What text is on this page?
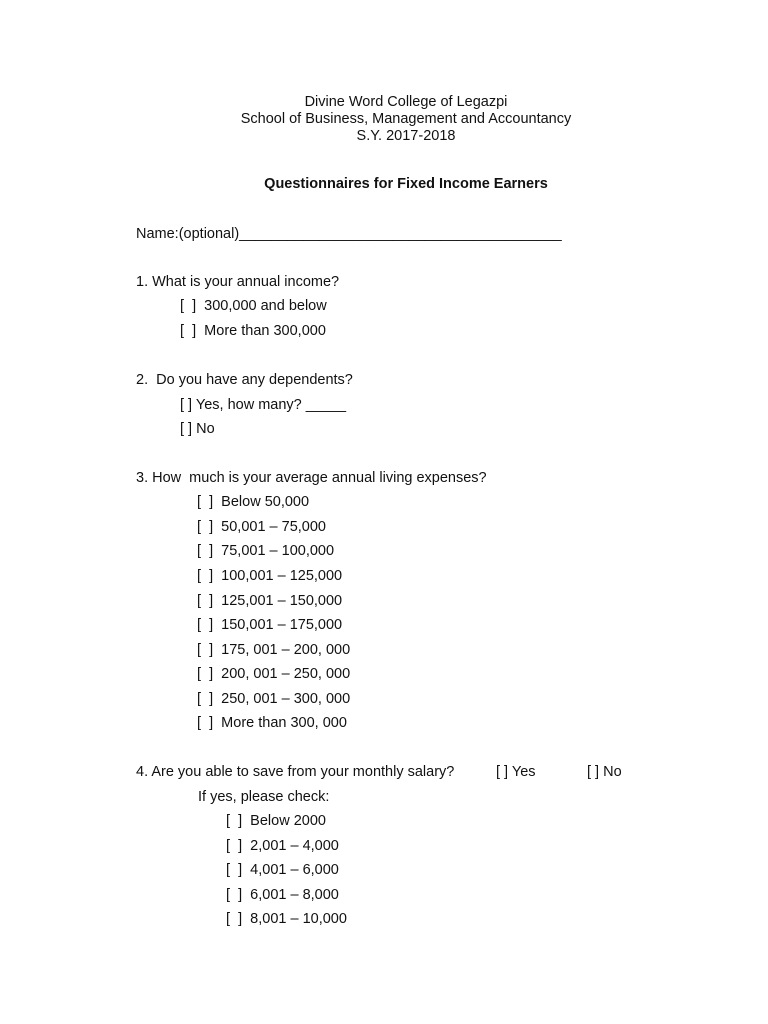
Divine Word College of Legazpi
School of Business, Management and Accountancy
S.Y. 2017-2018
Questionnaires for Fixed Income Earners
Name:(optional)________________________________________
1. What is your annual income?
[  ]  300,000 and below
[  ]  More than 300,000
2.  Do you have any dependents?
[ ] Yes, how many? _____
[ ] No
3. How  much is your average annual living expenses?
[  ]  Below 50,000
[  ]  50,001 – 75,000
[  ]  75,001 – 100,000
[  ]  100,001 – 125,000
[  ]  125,001 – 150,000
[  ]  150,001 – 175,000
[  ]  175, 001 – 200, 000
[  ]  200, 001 – 250, 000
[  ]  250, 001 – 300, 000
[  ]  More than 300, 000
4. Are you able to save from your monthly salary?	[ ] Yes	[ ] No
If yes, please check:
[  ]  Below 2000
[  ]  2,001 – 4,000
[  ]  4,001 – 6,000
[  ]  6,001 – 8,000
[  ]  8,001 – 10,000
